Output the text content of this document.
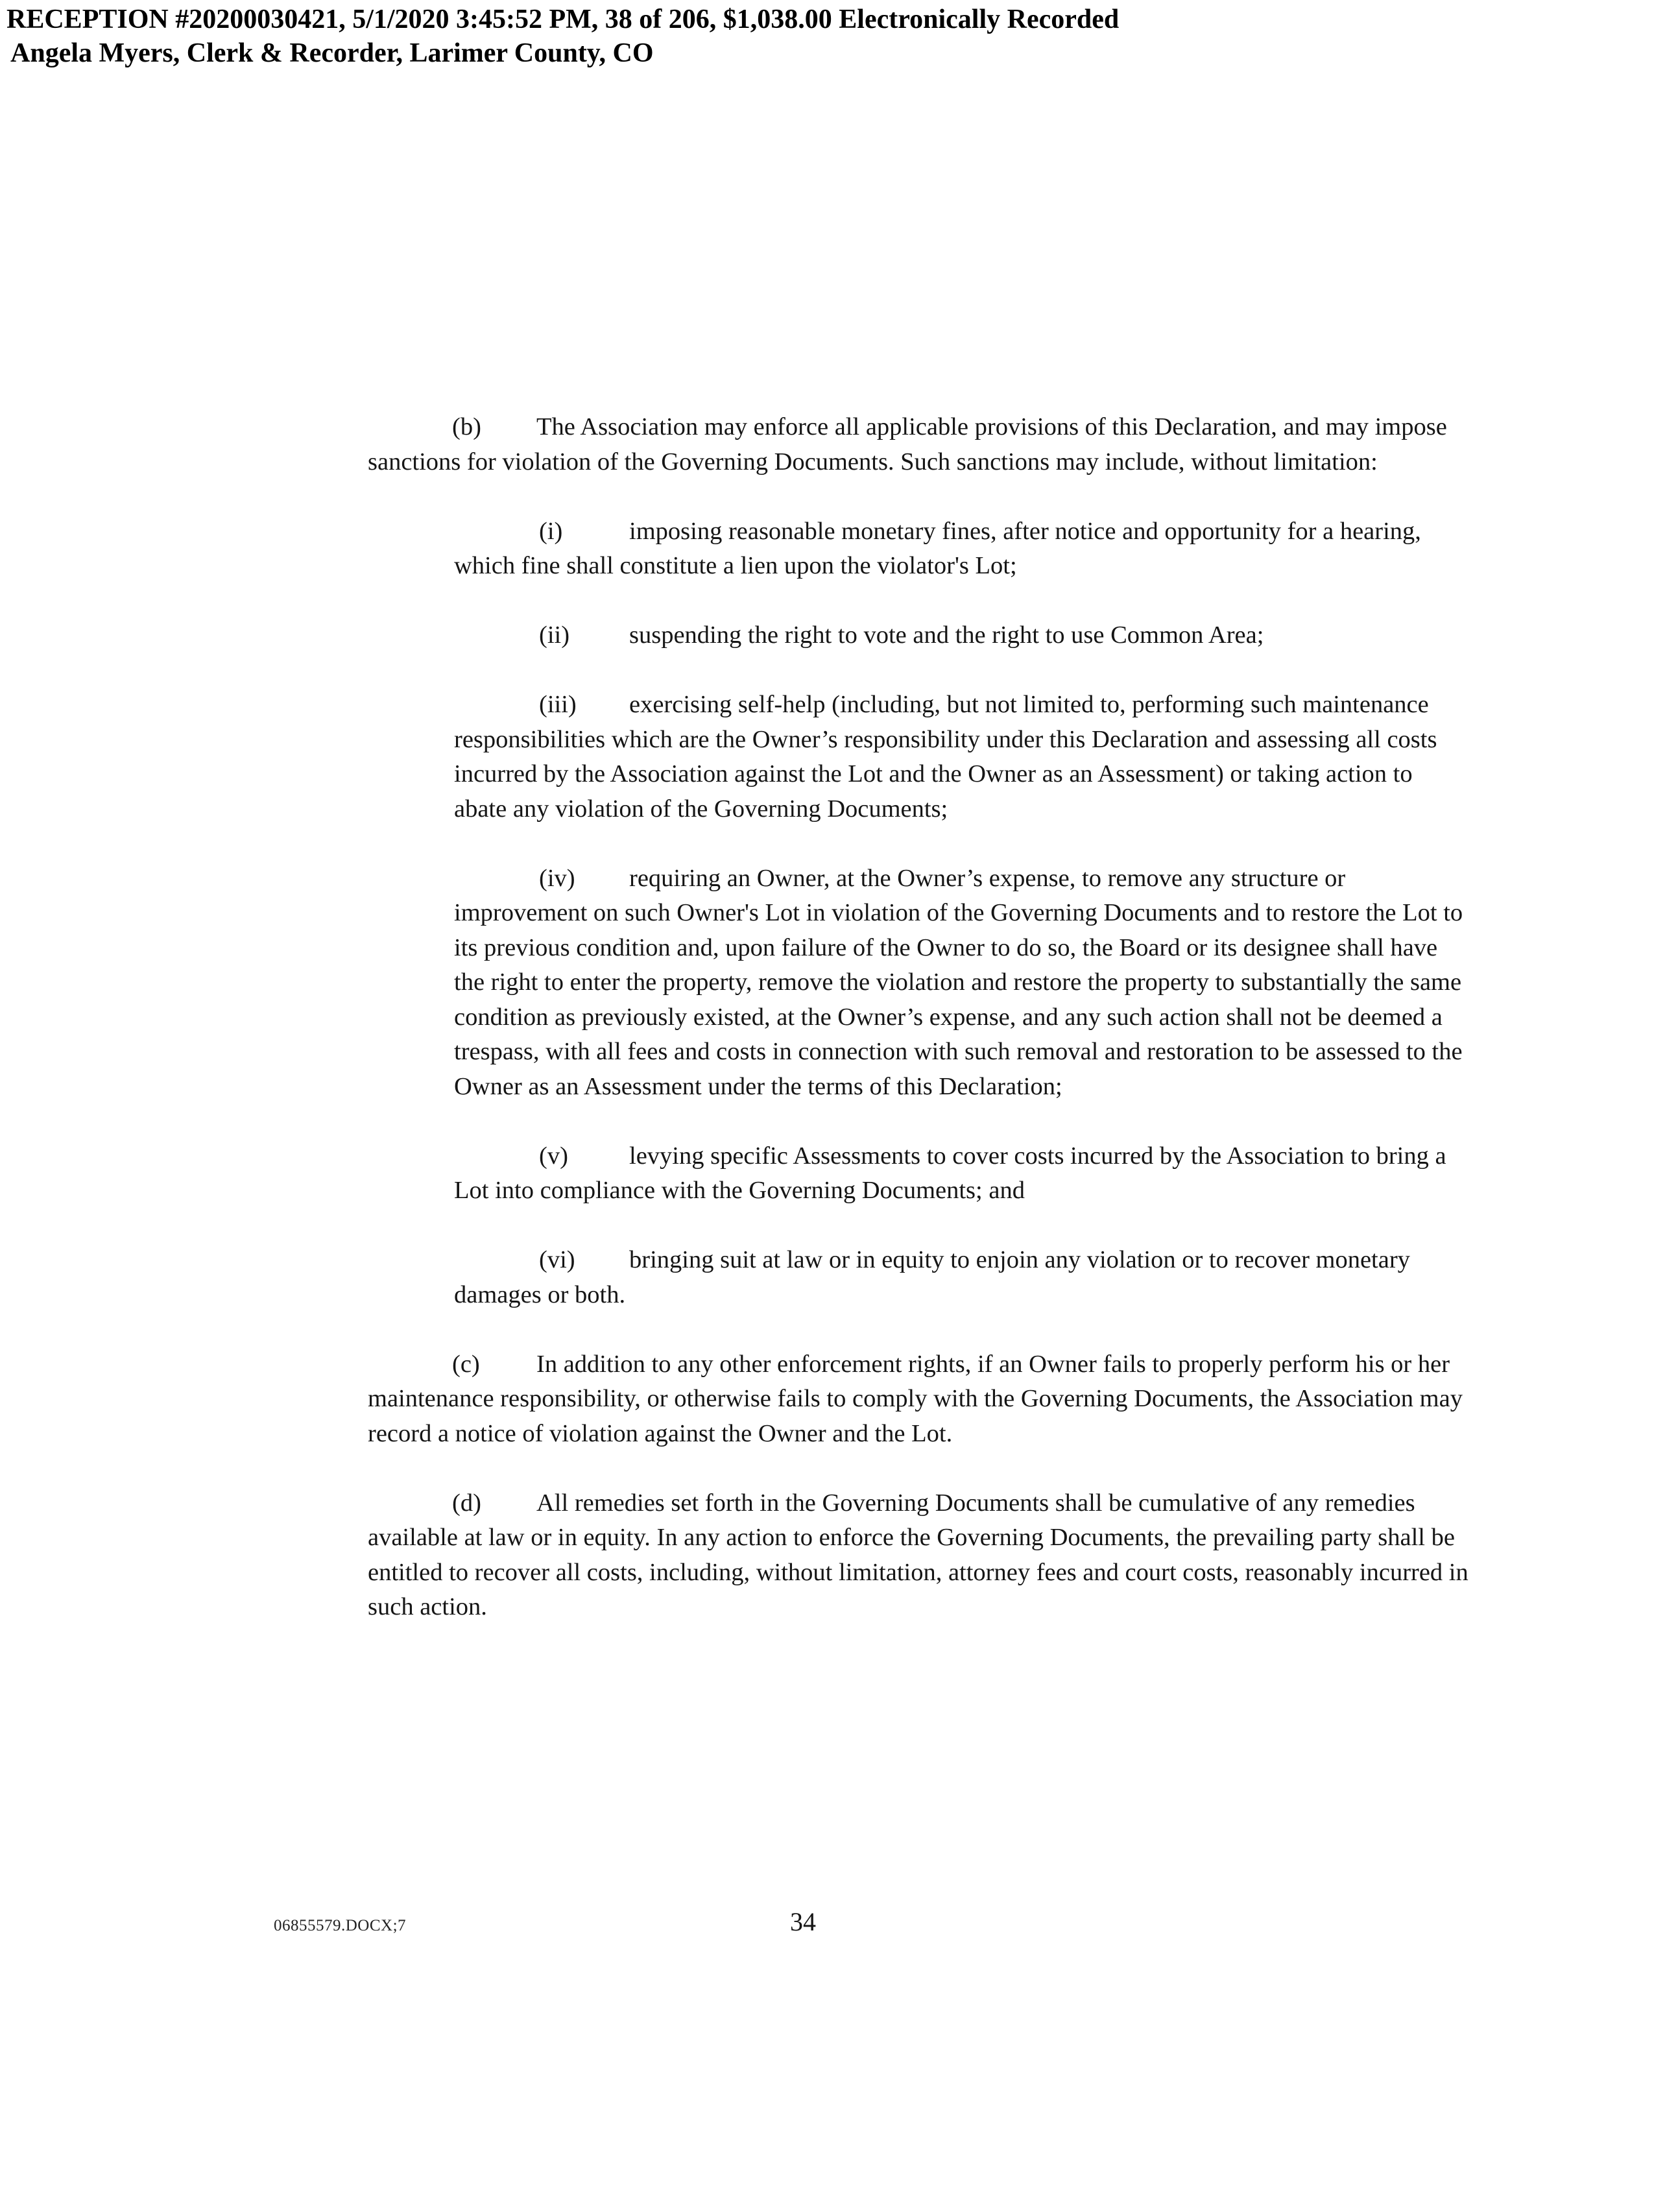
RECEPTION #20200030421, 5/1/2020 3:45:52 PM, 38 of 206, $1,038.00 Electronically Recorded
Angela Myers, Clerk & Recorder, Larimer County, CO

(b) The Association may enforce all applicable provisions of this Declaration, and may impose sanctions for violation of the Governing Documents. Such sanctions may include, without limitation:

(i)	imposing reasonable monetary fines, after notice and opportunity for a hearing, which fine shall constitute a lien upon the violator's Lot;

(ii) suspending the right to vote and the right to use Common Area;

(iii) exercising self-help (including, but not limited to, performing such maintenance responsibilities which are the Owner’s responsibility under this Declaration and assessing all costs incurred by the Association against the Lot and the Owner as an Assessment) or taking action to abate any violation of the Governing Documents;

(iv) requiring an Owner, at the Owner’s expense, to remove any structure or improvement on such Owner's Lot in violation of the Governing Documents and to restore the Lot to its previous condition and, upon failure of the Owner to do so, the Board or its designee shall have the right to enter the property, remove the violation and restore the property to substantially the same condition as previously existed, at the Owner’s expense, and any such action shall not be deemed a trespass, with all fees and costs in connection with such removal and restoration to be assessed to the Owner as an Assessment under the terms of this Declaration;

(v) levying specific Assessments to cover costs incurred by the Association to bring a Lot into compliance with the Governing Documents; and

(vi) bringing suit at law or in equity to enjoin any violation or to recover monetary damages or both.

(c) In addition to any other enforcement rights, if an Owner fails to properly perform his or her maintenance responsibility, or otherwise fails to comply with the Governing Documents, the Association may record a notice of violation against the Owner and the Lot.

(d) All remedies set forth in the Governing Documents shall be cumulative of any remedies available at law or in equity. In any action to enforce the Governing Documents, the prevailing party shall be entitled to recover all costs, including, without limitation, attorney fees and court costs, reasonably incurred in such action.

06855579.DOCX;7	34
